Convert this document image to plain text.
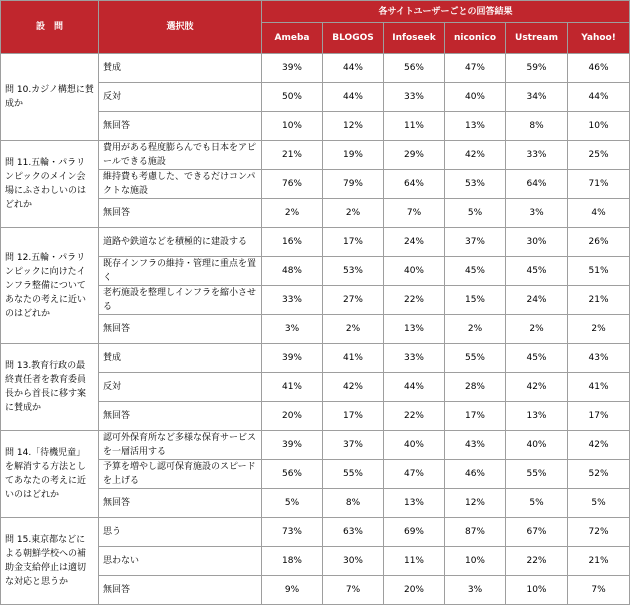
設　問	選択肢	各サイトユーザーごとの回答結果					
		Ameba	BLOGOS	Infoseek	niconico	Ustream	Yahoo!
問 10.カジノ構想に賛成か	賛成	39%	44%	56%	47%	59%	46%
	反対	50%	44%	33%	40%	34%	44%
	無回答	10%	12%	11%	13%	8%	10%
問 11.五輪・パラリンピックのメイン会場にふさわしいのはどれか	費用がある程度膨らんでも日本をアピールできる施設	21%	19%	29%	42%	33%	25%
	維持費も考慮した、できるだけコンパクトな施設	76%	79%	64%	53%	64%	71%
	無回答	2%	2%	7%	5%	3%	4%
問 12.五輪・パラリンピックに向けたインフラ整備についてあなたの考えに近いのはどれか	道路や鉄道などを積極的に建設する	16%	17%	24%	37%	30%	26%
	既存インフラの維持・管理に重点を置く	48%	53%	40%	45%	45%	51%
	老朽施設を整理しインフラを縮小させる	33%	27%	22%	15%	24%	21%
	無回答	3%	2%	13%	2%	2%	2%
問 13.教育行政の最終責任者を教育委員長から首長に移す案に賛成か	賛成	39%	41%	33%	55%	45%	43%
	反対	41%	42%	44%	28%	42%	41%
	無回答	20%	17%	22%	17%	13%	17%
問 14.「待機児童」を解消する方法としてあなたの考えに近いのはどれか	認可外保育所など多様な保育サービスを一層活用する	39%	37%	40%	43%	40%	42%
	予算を増やし認可保育施設のスピードを上げる	56%	55%	47%	46%	55%	52%
	無回答	5%	8%	13%	12%	5%	5%
問 15.東京都などによる朝鮮学校への補助金支給停止は適切な対応と思うか	思う	73%	63%	69%	87%	67%	72%
	思わない	18%	30%	11%	10%	22%	21%
	無回答	9%	7%	20%	3%	10%	7%
